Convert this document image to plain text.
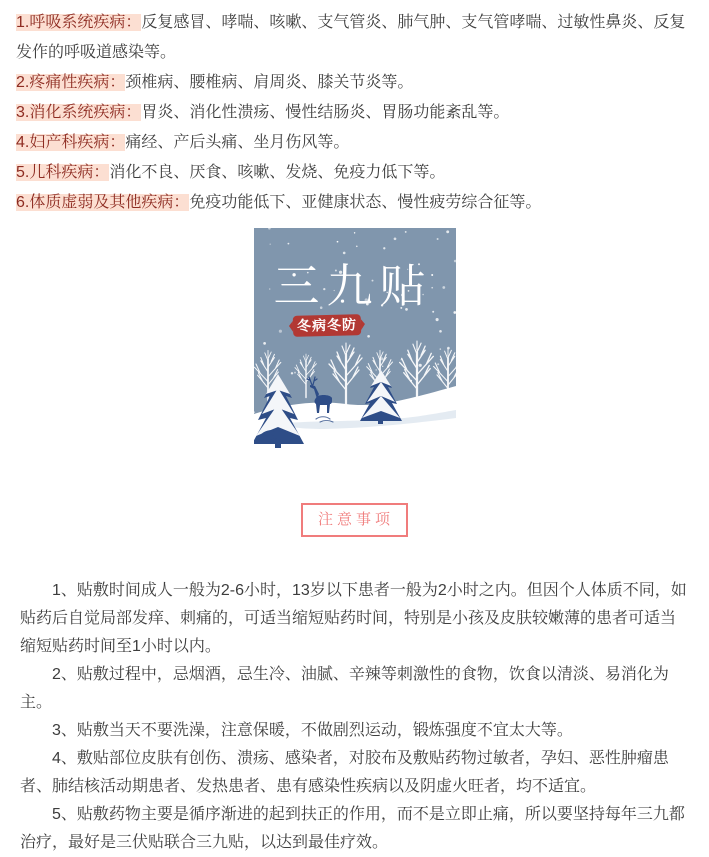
1.呼吸系统疾病：反复感冒、哮喘、咳嗽、支气管炎、肺气肿、支气管哮喘、过敏性鼻炎、反复发作的呼吸道感染等。

2.疼痛性疾病：颈椎病、腰椎病、肩周炎、膝关节炎等。

3.消化系统疾病：胃炎、消化性溃疡、慢性结肠炎、胃肠功能紊乱等。

4.妇产科疾病：痛经、产后头痛、坐月伤风等。

5.儿科疾病：消化不良、厌食、咳嗽、发烧、免疫力低下等。

6.体质虚弱及其他疾病：免疫功能低下、亚健康状态、慢性疲劳综合征等。

三九贴
冬病冬防
注意事项

1、贴敷时间成人一般为2-6小时，13岁以下患者一般为2小时之内。但因个人体质不同，如贴药后自觉局部发痒、刺痛的，可适当缩短贴药时间，特别是小孩及皮肤较嫩薄的患者可适当缩短贴药时间至1小时以内。

2、贴敷过程中，忌烟酒，忌生冷、油腻、辛辣等刺激性的食物，饮食以清淡、易消化为主。

3、贴敷当天不要洗澡，注意保暖，不做剧烈运动，锻炼强度不宜太大等。

4、敷贴部位皮肤有创伤、溃疡、感染者，对胶布及敷贴药物过敏者，孕妇、恶性肿瘤患者、肺结核活动期患者、发热患者、患有感染性疾病以及阴虚火旺者，均不适宜。

5、贴敷药物主要是循序渐进的起到扶正的作用，而不是立即止痛，所以要坚持每年三九都治疗，最好是三伏贴联合三九贴，以达到最佳疗效。
